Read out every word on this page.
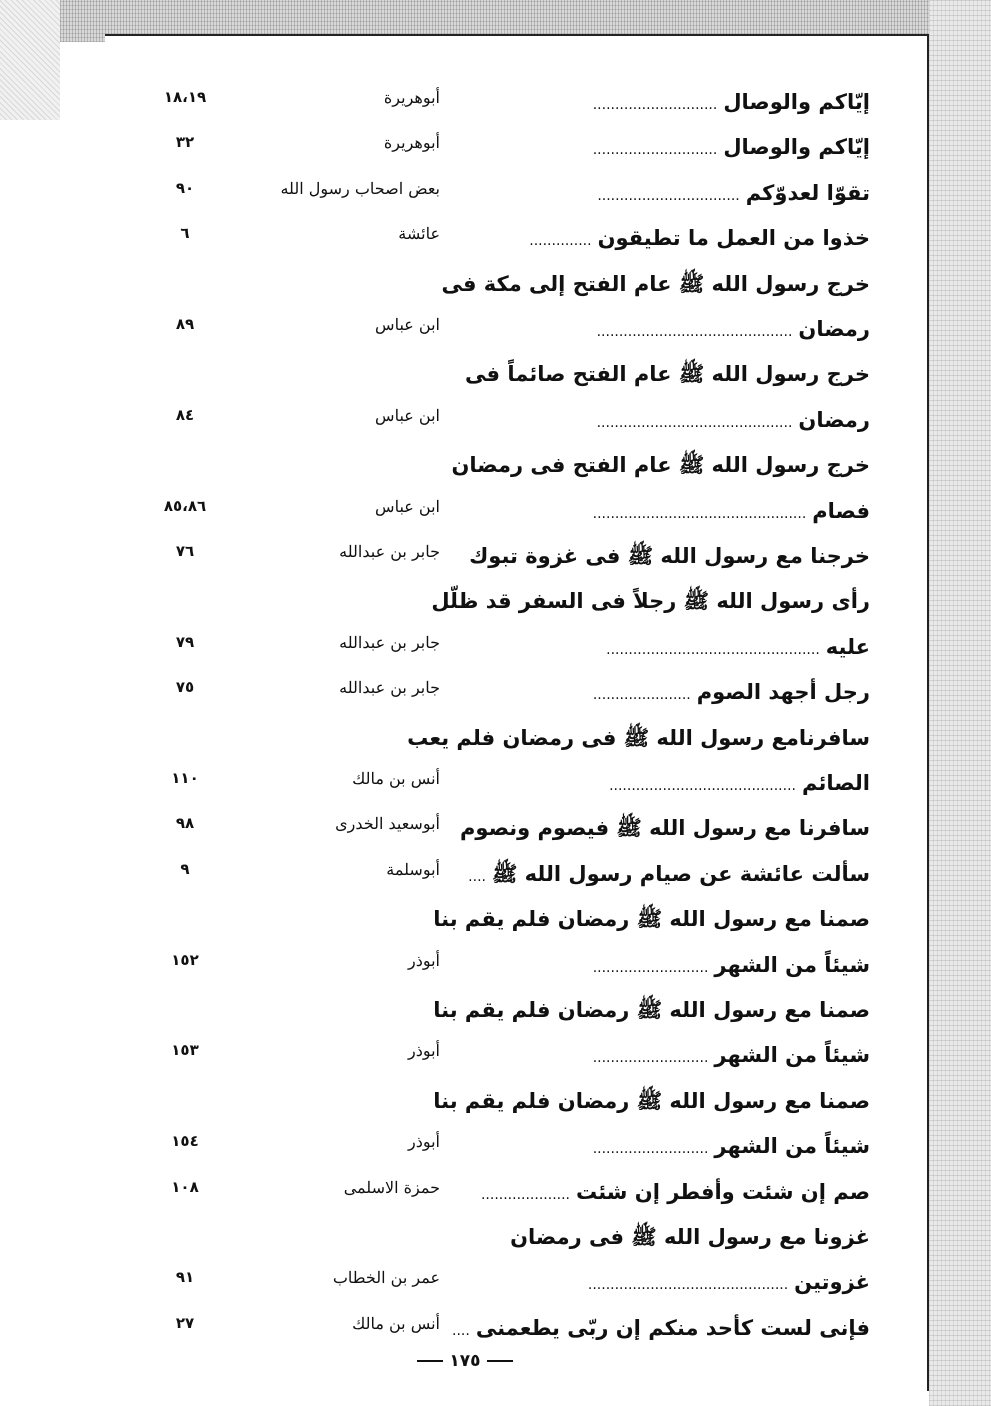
إيّاكم والوصال............................
أبوهريرة
١٨،١٩
إيّاكم والوصال............................
أبوهريرة
٣٢
تقوّا لعدوّكم................................
بعض اصحاب رسول الله
٩٠
خذوا من العمل ما تطيقون..............
عائشة
٦
خرج رسول الله ﷺ عام الفتح إلى مكة فى
رمضان............................................
ابن عباس
٨٩
خرج رسول الله ﷺ عام الفتح صائماً فى
رمضان............................................
ابن عباس
٨٤
خرج رسول الله ﷺ عام الفتح فى رمضان
فصام................................................
ابن عباس
٨٥،٨٦
خرجنا مع رسول الله ﷺ فى غزوة تبوك
جابر بن عبدالله
٧٦
رأى رسول الله ﷺ رجلاً فى السفر قد ظلّل
عليه................................................
جابر بن عبدالله
٧٩
رجل أجهد الصوم......................
جابر بن عبدالله
٧٥
سافرنامع رسول الله ﷺ فى رمضان فلم يعب
الصائم..........................................
أنس بن مالك
١١٠
سافرنا مع رسول الله ﷺ فيصوم ونصوم
أبوسعيد الخدرى
٩٨
سألت عائشة عن صيام رسول الله ﷺ....
أبوسلمة
٩
صمنا مع رسول الله ﷺ رمضان فلم يقم بنا
شيئاً من الشهر..........................
أبوذر
١٥٢
صمنا مع رسول الله ﷺ رمضان فلم يقم بنا
شيئاً من الشهر..........................
أبوذر
١٥٣
صمنا مع رسول الله ﷺ رمضان فلم يقم بنا
شيئاً من الشهر..........................
أبوذر
١٥٤
صم إن شئت وأفطر إن شئت....................
حمزة الاسلمى
١٠٨
غزونا مع رسول الله ﷺ فى رمضان
غزوتين.............................................
عمر بن الخطاب
٩١
فإنى لست كأحد منكم إن ربّى يطعمنى....
أنس بن مالك
٢٧
١٧٥
